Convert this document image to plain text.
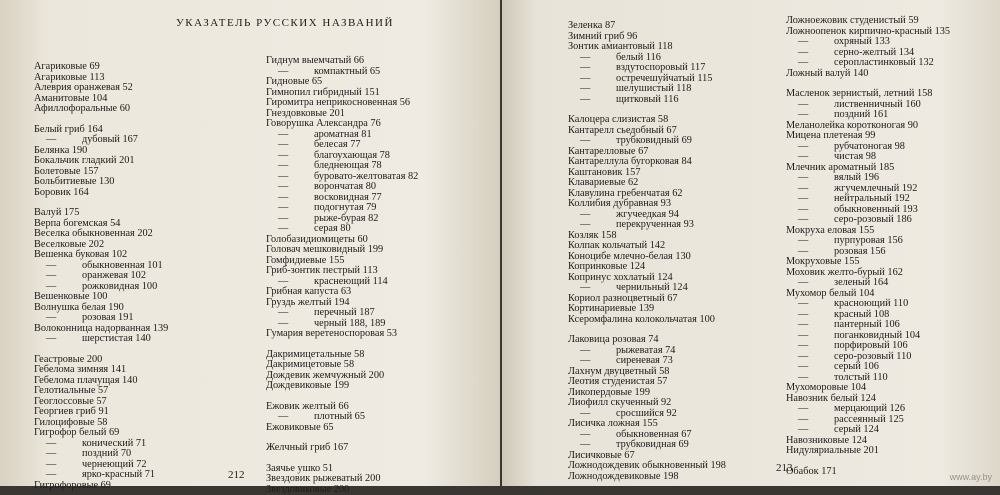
УКАЗАТЕЛЬ РУССКИХ НАЗВАНИЙ
Агариковые 69
Агариковые 113
Алеврия оранжевая 52
Аманитовые 104
Афиллофоральные 60
Белый гриб 164
— дубовый 167
Белянка 190
Бокальчик гладкий 201
Болетовые 157
Больбитиевые 130
Боровик 164
Валуй 175
Верпа богемская 54
Веселка обыкновенная 202
Веселковые 202
Вешенка буковая 102
— обыкновенная 101
— оранжевая 102
— рожковидная 100
Вешенковые 100
Волнушка белая 190
— розовая 191
Волоконница надорванная 139
— шерстистая 140
Геастровые 200
Гебелома зимняя 141
Гебелома плачущая 140
Гелотиальные 57
Геоглоссовые 57
Георгиев гриб 91
Гилоцифовые 58
Гигрофор белый 69
— конический 71
— поздний 70
— чернеющий 72
— ярко-красный 71
Гигрофоровые 69
Гиднум выемчатый 66
— компактный 65
Гидновые 65
Гимнопил гибридный 151
Гиромитра неприкосновенная 56
Гнездовковые 201
Говорушка Александра 76
— ароматная 81
— белесая 77
— благоухающая 78
— бледнеющая 78
— буровато-желтоватая 82
— ворончатая 80
— восковидная 77
— подогнутая 79
— рыже-бурая 82
— серая 80
Голобазидиомицеты 60
Головач мешковидный 199
Гомфидиевые 155
Гриб-зонтик пестрый 113
— краснеющий 114
Грибная капуста 63
Груздь желтый 194
— перечный 187
— черный 188, 189
Гумария веретеноспоровая 53
Дакримицетальные 58
Дакримицетовые 58
Дождевик жемчужный 200
Дождевиковые 199
Ежовик желтый 66
— плотный 65
Ежовиковые 65
Желчный гриб 167
Заячье ушко 51
Звездовик рыжеватый 200
Звездовиковые 200
212
Зеленка 87
Зимний гриб 96
Зонтик амиантовый 118
— белый 116
— вздутоспоровый 117
— остречешуйчатый 115
— шелушистый 118
— щитковый 116
Калоцера слизистая 58
Кантарелл сьедобный 67
— трубковидный 69
Кантарелловые 67
Кантареллула бугорковая 84
Каштановик 157
Клавариевые 62
Клавулина гребенчатая 62
Коллибия дубравная 93
— жгучеедкая 94
— перекрученная 93
Козляк 158
Колпак кольчатый 142
Коноцибе млечно-белая 130
Копринковые 124
Копринус хохлатый 124
— чернильный 124
Кориол разноцветный 67
Кортинариевые 139
Ксеромфалина колокольчатая 100
Лаковица розовая 74
— рыжеватая 74
— сиреневая 73
Лахнум двуцветный 58
Леотия студенистая 57
Ликопердовые 199
Лиофилл скученный 92
— сросшийся 92
Лисичка ложная 155
— обыкновенная 67
— трубковидная 69
Лисичковые 67
Ложнодождевик обыкновенный 198
Ложнодождевиковые 198
Ложноежовик студенистый 59
Ложноопенок кирпично-красный 135
— охряный 133
— серно-желтый 134
— серопластинковый 132
Ложный валуй 140
Масленок зернистый, летний 158
— лиственничный 160
— поздний 161
Меланолейка коротконогая 90
Мицена плетеная 99
— рубчатоногая 98
— чистая 98
Млечник ароматный 185
— вялый 196
— жгучемлечный 192
— нейтральный 192
— обыкновенный 193
— серо-розовый 186
Мокруха еловая 155
— пурпуровая 156
— розовая 156
Мокруховые 155
Моховик желто-бурый 162
— зеленый 164
Мухомор белый 104
— красноющий 110
— красный 108
— пантерный 106
— поганковидный 104
— порфировый 106
— серо-розовый 110
— серый 106
— толстый 110
Мухоморовые 104
Навозник белый 124
— мерцающий 126
— рассеянный 125
— серый 124
Навозниковые 124
Нидуляриальные 201
Обабок 171
213
www.ay.by
